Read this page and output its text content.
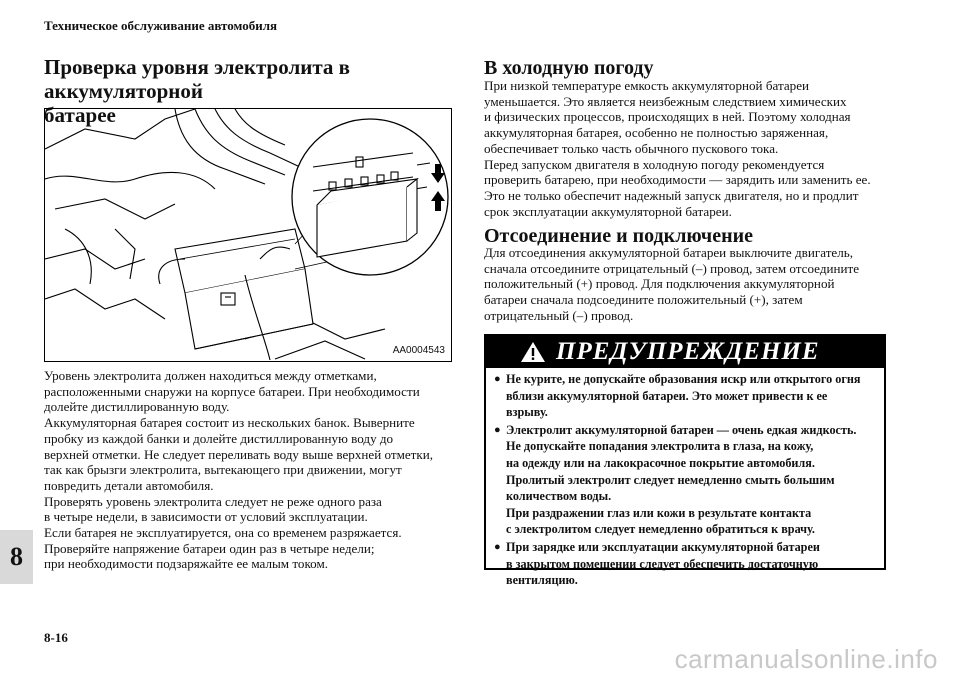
Техническое обслуживание автомобиля
Проверка уровня электролита в аккумуляторной
батарее
AA0004543
Уровень электролита должен находиться между отметками,
расположенными снаружи на корпусе батареи. При необходимости
долейте дистиллированную воду.
Аккумуляторная батарея состоит из нескольких банок. Выверните
пробку из каждой банки и долейте дистиллированную воду до
верхней отметки. Не следует переливать воду выше верхней отметки,
так как брызги электролита, вытекающего при движении, могут
повредить детали автомобиля.
Проверять уровень электролита следует не реже одного раза
в четыре недели, в зависимости от условий эксплуатации.
Если батарея не эксплуатируется, она со временем разряжается.
Проверяйте напряжение батареи один раз в четыре недели;
при необходимости подзаряжайте ее малым током.
В холодную погоду
При низкой температуре емкость аккумуляторной батареи
уменьшается. Это является неизбежным следствием химических
и физических процессов, происходящих в ней. Поэтому холодная
аккумуляторная батарея, особенно не полностью заряженная,
обеспечивает только часть обычного пускового тока.
Перед запуском двигателя в холодную погоду рекомендуется
проверить батарею, при необходимости — зарядить или заменить ее.
Это не только обеспечит надежный запуск двигателя, но и продлит
срок эксплуатации аккумуляторной батареи.
Отсоединение и подключение
Для отсоединения аккумуляторной батареи выключите двигатель,
сначала отсоедините отрицательный (–) провод, затем отсоедините
положительный (+) провод. Для подключения аккумуляторной
батареи сначала подсоедините положительный (+), затем
отрицательный (–) провод.
ПРЕДУПРЕЖДЕНИЕ
● Не курите, не допускайте образования искр или открытого огня
вблизи аккумуляторной батареи. Это может привести к ее
взрыву.
● Электролит аккумуляторной батареи — очень едкая жидкость.
Не допускайте попадания электролита в глаза, на кожу,
на одежду или на лакокрасочное покрытие автомобиля.
Пролитый электролит следует немедленно смыть большим
количеством воды.
При раздражении глаз или кожи в результате контакта
с электролитом следует немедленно обратиться к врачу.
● При зарядке или эксплуатации аккумуляторной батареи
в закрытом помещении следует обеспечить достаточную
вентиляцию.
8
8-16
carmanualsonline.info
